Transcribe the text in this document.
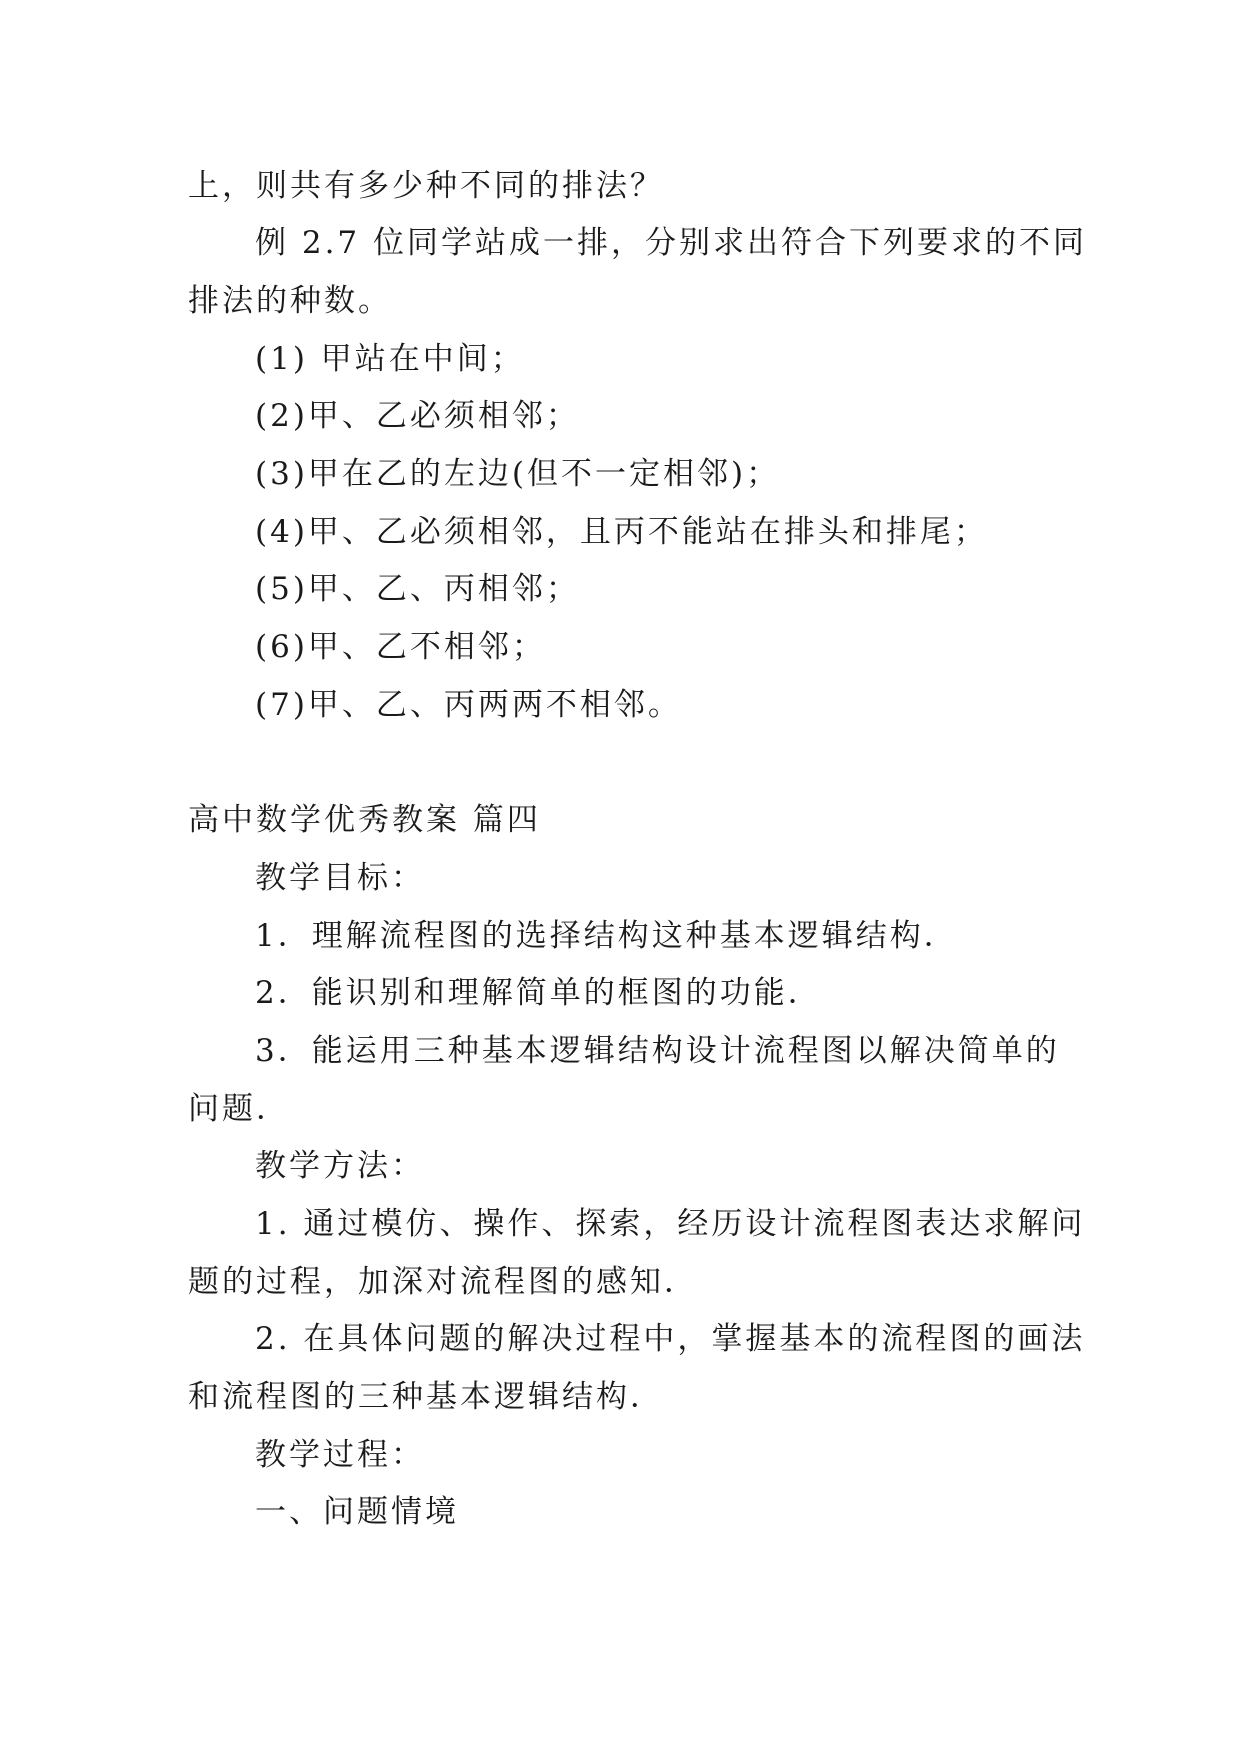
上，则共有多少种不同的排法？
例 2.7 位同学站成一排，分别求出符合下列要求的不同
排法的种数。
(1) 甲站在中间；
(2)甲、乙必须相邻；
(3)甲在乙的左边(但不一定相邻)；
(4)甲、乙必须相邻，且丙不能站在排头和排尾；
(5)甲、乙、丙相邻；
(6)甲、乙不相邻；
(7)甲、乙、丙两两不相邻。
高中数学优秀教案 篇四
教学目标：
1．理解流程图的选择结构这种基本逻辑结构．
2．能识别和理解简单的框图的功能．
3．能运用三种基本逻辑结构设计流程图以解决简单的
问题．
教学方法：
1. 通过模仿、操作、探索，经历设计流程图表达求解问
题的过程，加深对流程图的感知．
2. 在具体问题的解决过程中，掌握基本的流程图的画法
和流程图的三种基本逻辑结构．
教学过程：
一、问题情境
